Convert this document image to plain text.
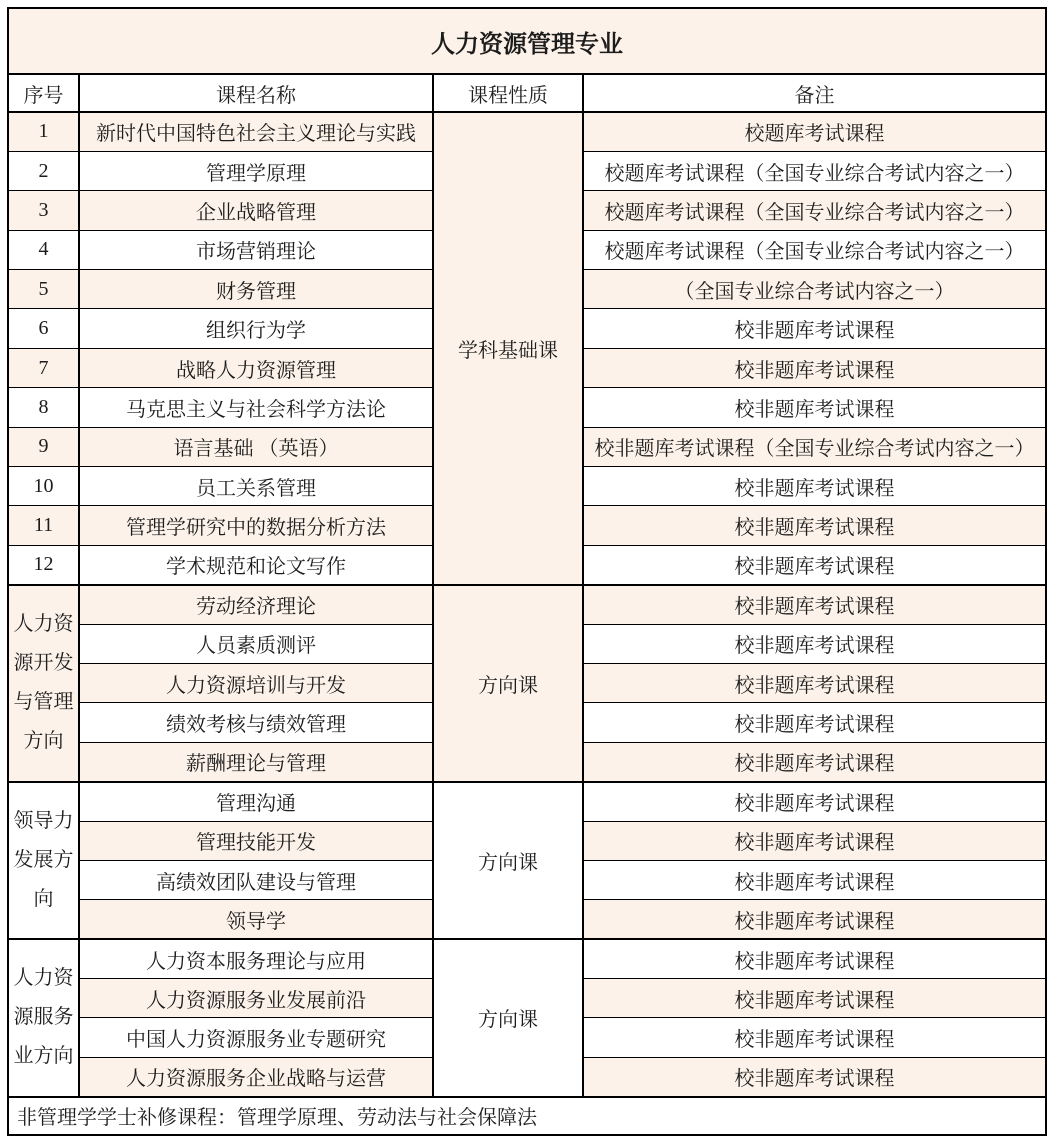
人力资源管理专业			
序号	课程名称	课程性质	备注
1	新时代中国特色社会主义理论与实践	学科基础课	校题库考试课程
2	管理学原理		校题库考试课程（全国专业综合考试内容之一）
3	企业战略管理		校题库考试课程（全国专业综合考试内容之一）
4	市场营销理论		校题库考试课程（全国专业综合考试内容之一）
5	财务管理		（全国专业综合考试内容之一）
6	组织行为学		校非题库考试课程
7	战略人力资源管理		校非题库考试课程
8	马克思主义与社会科学方法论		校非题库考试课程
9	语言基础 （英语）		校非题库考试课程（全国专业综合考试内容之一）
10	员工关系管理		校非题库考试课程
11	管理学研究中的数据分析方法		校非题库考试课程
12	学术规范和论文写作		校非题库考试课程
人力资源开发与管理方向	劳动经济理论	方向课	校非题库考试课程
	人员素质测评		校非题库考试课程
	人力资源培训与开发		校非题库考试课程
	绩效考核与绩效管理		校非题库考试课程
	薪酬理论与管理		校非题库考试课程
领导力发展方向	管理沟通	方向课	校非题库考试课程
	管理技能开发		校非题库考试课程
	高绩效团队建设与管理		校非题库考试课程
	领导学		校非题库考试课程
人力资源服务业方向	人力资本服务理论与应用	方向课	校非题库考试课程
	人力资源服务业发展前沿		校非题库考试课程
	中国人力资源服务业专题研究		校非题库考试课程
	人力资源服务企业战略与运营		校非题库考试课程
非管理学学士补修课程：管理学原理、劳动法与社会保障法			
